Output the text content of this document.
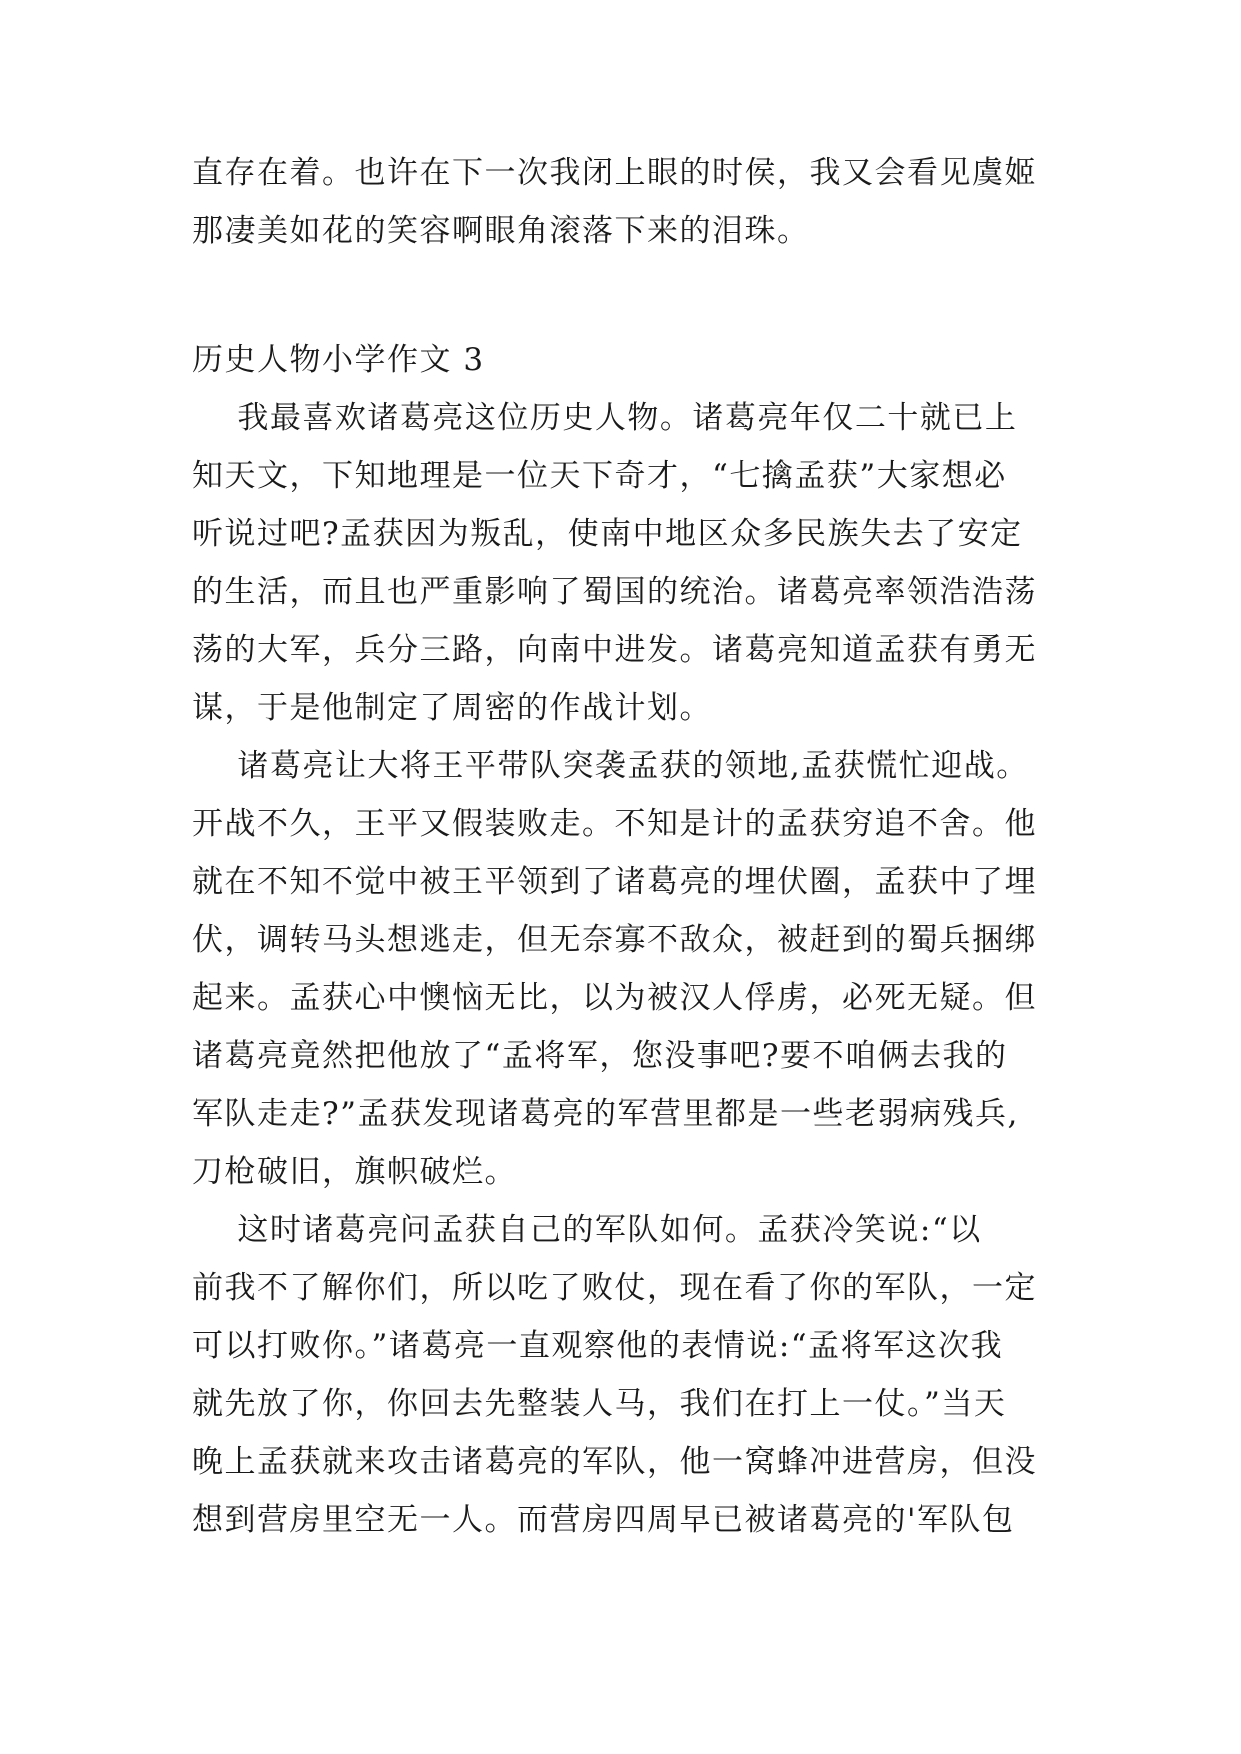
直存在着。也许在下一次我闭上眼的时侯，我又会看见虞姬
那凄美如花的笑容啊眼角滚落下来的泪珠。
历史人物小学作文 3
我最喜欢诸葛亮这位历史人物。诸葛亮年仅二十就已上
知天文，下知地理是一位天下奇才，“七擒孟获”大家想必
听说过吧?孟获因为叛乱，使南中地区众多民族失去了安定
的生活，而且也严重影响了蜀国的统治。诸葛亮率领浩浩荡
荡的大军，兵分三路，向南中进发。诸葛亮知道孟获有勇无
谋，于是他制定了周密的作战计划。
诸葛亮让大将王平带队突袭孟获的领地,孟获慌忙迎战。
开战不久，王平又假装败走。不知是计的孟获穷追不舍。他
就在不知不觉中被王平领到了诸葛亮的埋伏圈，孟获中了埋
伏，调转马头想逃走，但无奈寡不敌众，被赶到的蜀兵捆绑
起来。孟获心中懊恼无比，以为被汉人俘虏，必死无疑。但
诸葛亮竟然把他放了“孟将军，您没事吧?要不咱俩去我的
军队走走?”孟获发现诸葛亮的军营里都是一些老弱病残兵,
刀枪破旧，旗帜破烂。
这时诸葛亮问孟获自己的军队如何。孟获冷笑说:“以
前我不了解你们，所以吃了败仗，现在看了你的军队，一定
可以打败你。”诸葛亮一直观察他的表情说:“孟将军这次我
就先放了你，你回去先整装人马，我们在打上一仗。”当天
晚上孟获就来攻击诸葛亮的军队，他一窝蜂冲进营房，但没
想到营房里空无一人。而营房四周早已被诸葛亮的'军队包
